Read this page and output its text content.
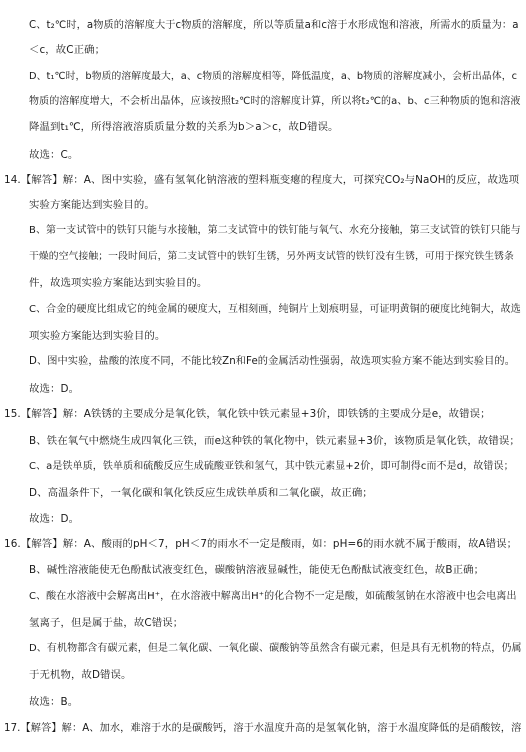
C、t₂℃时，a物质的溶解度大于c物质的溶解度，所以等质量a和c溶于水形成饱和溶液，所需水的质量为：a
＜c，故C正确；
D、t₁℃时，b物质的溶解度最大，a、c物质的溶解度相等，降低温度，a、b物质的溶解度减小，会析出晶体，c
物质的溶解度增大，不会析出晶体，应该按照t₂℃时的溶解度计算，所以将t₂℃的a、b、c三种物质的饱和溶液
降温到t₁℃，所得溶液溶质质量分数的关系为b＞a＞c，故D错误。
故选：C。
14.【解答】解：A、图中实验，盛有氢氧化钠溶液的塑料瓶变瘪的程度大，可探究CO₂与NaOH的反应，故选项
实验方案能达到实验目的。
B、第一支试管中的铁钉只能与水接触，第二支试管中的铁钉能与氧气、水充分接触，第三支试管的铁钉只能与
干燥的空气接触；一段时间后，第二支试管中的铁钉生锈，另外两支试管的铁钉没有生锈，可用于探究铁生锈条
件，故选项实验方案能达到实验目的。
C、合金的硬度比组成它的纯金属的硬度大，互相刻画，纯铜片上划痕明显，可证明黄铜的硬度比纯铜大，故选
项实验方案能达到实验目的。
D、图中实验，盐酸的浓度不同，不能比较Zn和Fe的金属活动性强弱，故选项实验方案不能达到实验目的。
故选：D。
15.【解答】解：A铁锈的主要成分是氧化铁，氧化铁中铁元素显+3价，即铁锈的主要成分是e，故错误；
B、铁在氧气中燃烧生成四氧化三铁，而e这种铁的氧化物中，铁元素显+3价，该物质是氧化铁，故错误；
C、a是铁单质，铁单质和硫酸反应生成硫酸亚铁和氢气，其中铁元素显+2价，即可制得c而不是d，故错误；
D、高温条件下，一氧化碳和氧化铁反应生成铁单质和二氧化碳，故正确；
故选：D。
16.【解答】解：A、酸雨的pH＜7，pH＜7的雨水不一定是酸雨，如：pH=6的雨水就不属于酸雨，故A错误；
B、碱性溶液能使无色酚酞试液变红色，碳酸钠溶液显碱性，能使无色酚酞试液变红色，故B正确；
C、酸在水溶液中会解离出H⁺，在水溶液中解离出H⁺的化合物不一定是酸，如硫酸氢钠在水溶液中也会电离出
氢离子，但是属于盐，故C错误；
D、有机物都含有碳元素，但是二氧化碳、一氧化碳、碳酸钠等虽然含有碳元素，但是具有无机物的特点，仍属
于无机物，故D错误。
故选：B。
17.【解答】解：A、加水，难溶于水的是碳酸钙，溶于水温度升高的是氢氧化钠，溶于水温度降低的是硝酸铵，溶
